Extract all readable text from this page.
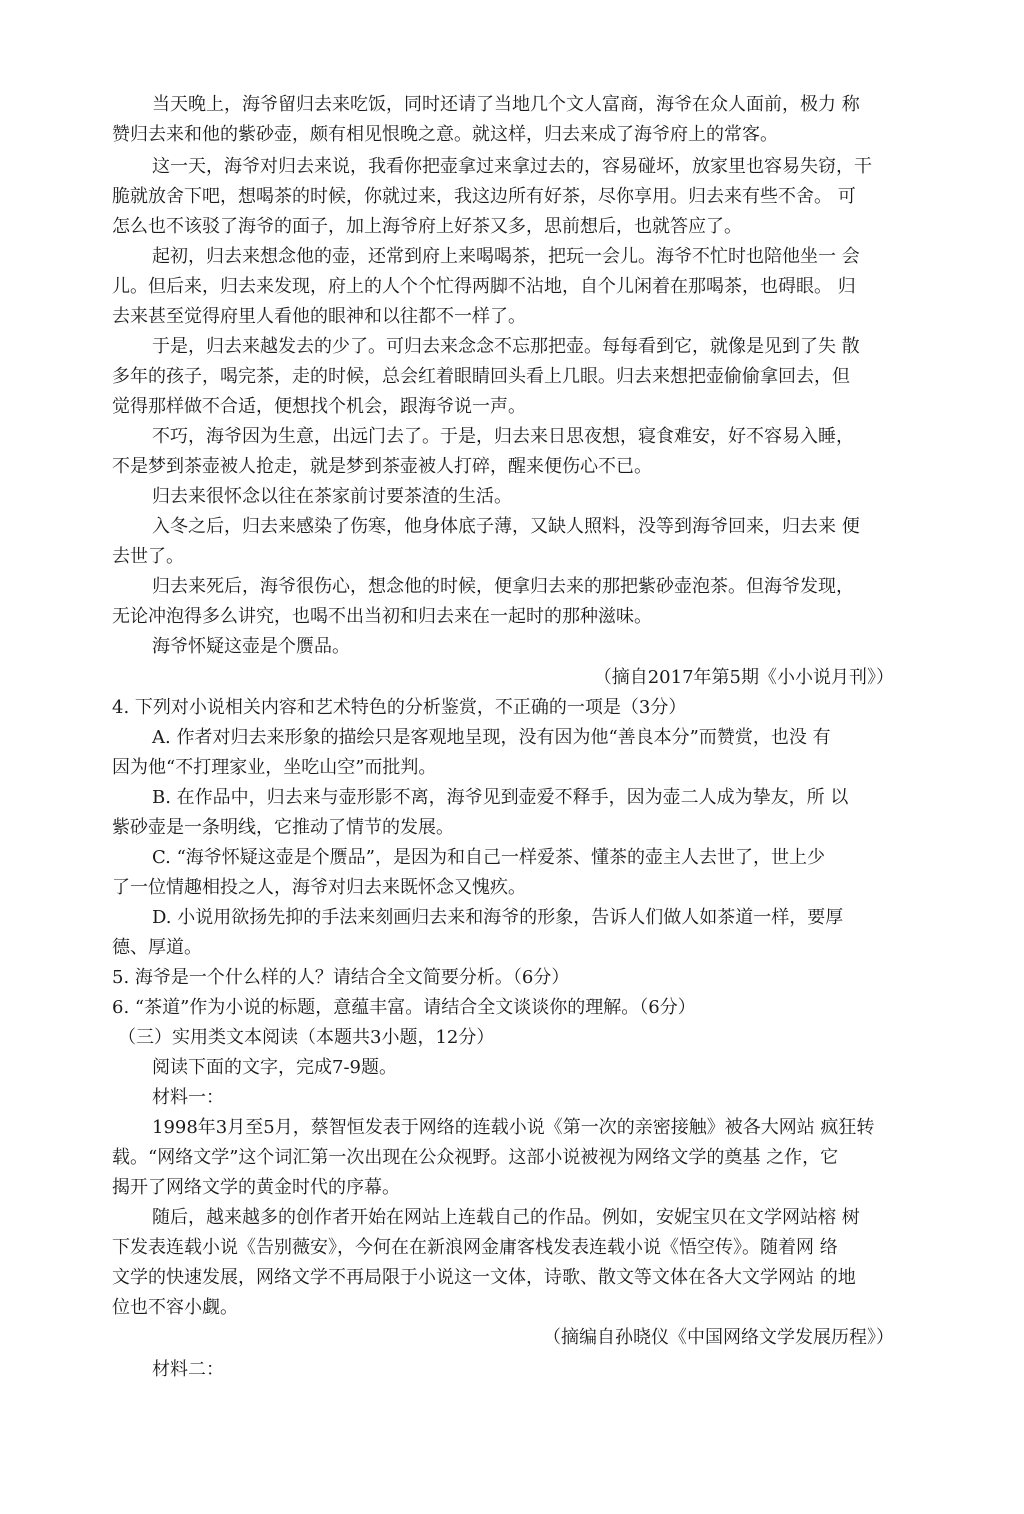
当天晚上，海爷留归去来吃饭，同时还请了当地几个文人富商，海爷在众人面前，极力 称
赞归去来和他的紫砂壶，颇有相见恨晚之意。就这样，归去来成了海爷府上的常客。
这一天，海爷对归去来说，我看你把壶拿过来拿过去的，容易碰坏，放家里也容易失窃，干
脆就放舍下吧，想喝茶的时候，你就过来，我这边所有好茶，尽你享用。归去来有些不舍。 可
怎么也不该驳了海爷的面子，加上海爷府上好茶又多，思前想后，也就答应了。
起初，归去来想念他的壶，还常到府上来喝喝茶，把玩一会儿。海爷不忙时也陪他坐一 会
儿。但后来，归去来发现，府上的人个个忙得两脚不沾地，自个儿闲着在那喝茶，也碍眼。 归
去来甚至觉得府里人看他的眼神和以往都不一样了。
于是，归去来越发去的少了。可归去来念念不忘那把壶。每每看到它，就像是见到了失 散
多年的孩子，喝完茶，走的时候，总会红着眼睛回头看上几眼。归去来想把壶偷偷拿回去，但
觉得那样做不合适，便想找个机会，跟海爷说一声。
不巧，海爷因为生意，出远门去了。于是，归去来日思夜想，寝食难安，好不容易入睡，
不是梦到茶壶被人抢走，就是梦到茶壶被人打碎，醒来便伤心不已。
归去来很怀念以往在茶家前讨要茶渣的生活。
入冬之后，归去来感染了伤寒，他身体底子薄，又缺人照料，没等到海爷回来，归去来 便
去世了。
归去来死后，海爷很伤心，想念他的时候，便拿归去来的那把紫砂壶泡茶。但海爷发现，
无论冲泡得多么讲究，也喝不出当初和归去来在一起时的那种滋味。
海爷怀疑这壶是个赝品。
（摘自2017年第5期《小小说月刊》）
4. 下列对小说相关内容和艺术特色的分析鉴赏，不正确的一项是（3分）
A. 作者对归去来形象的描绘只是客观地呈现，没有因为他“善良本分”而赞赏，也没 有
因为他“不打理家业，坐吃山空”而批判。
B. 在作品中，归去来与壶形影不离，海爷见到壶爱不释手，因为壶二人成为挚友，所 以
紫砂壶是一条明线，它推动了情节的发展。
C. “海爷怀疑这壶是个赝品”，是因为和自己一样爱茶、懂茶的壶主人去世了，世上少
了一位情趣相投之人，海爷对归去来既怀念又愧疚。
D. 小说用欲扬先抑的手法来刻画归去来和海爷的形象，告诉人们做人如茶道一样，要厚
德、厚道。
5. 海爷是一个什么样的人？请结合全文简要分析。（6分）
6. “茶道”作为小说的标题，意蕴丰富。请结合全文谈谈你的理解。（6分）
（三）实用类文本阅读（本题共3小题，12分）
阅读下面的文字，完成7-9题。
材料一：
1998年3月至5月，蔡智恒发表于网络的连载小说《第一次的亲密接触》被各大网站 疯狂转
载。“网络文学”这个词汇第一次出现在公众视野。这部小说被视为网络文学的奠基 之作，它
揭开了网络文学的黄金时代的序幕。
随后，越来越多的创作者开始在网站上连载自己的作品。例如，安妮宝贝在文学网站榕 树
下发表连载小说《告别薇安》，今何在在新浪网金庸客栈发表连载小说《悟空传》。随着网 络
文学的快速发展，网络文学不再局限于小说这一文体，诗歌、散文等文体在各大文学网站 的地
位也不容小觑。
（摘编自孙晓仪《中国网络文学发展历程》）
材料二：
